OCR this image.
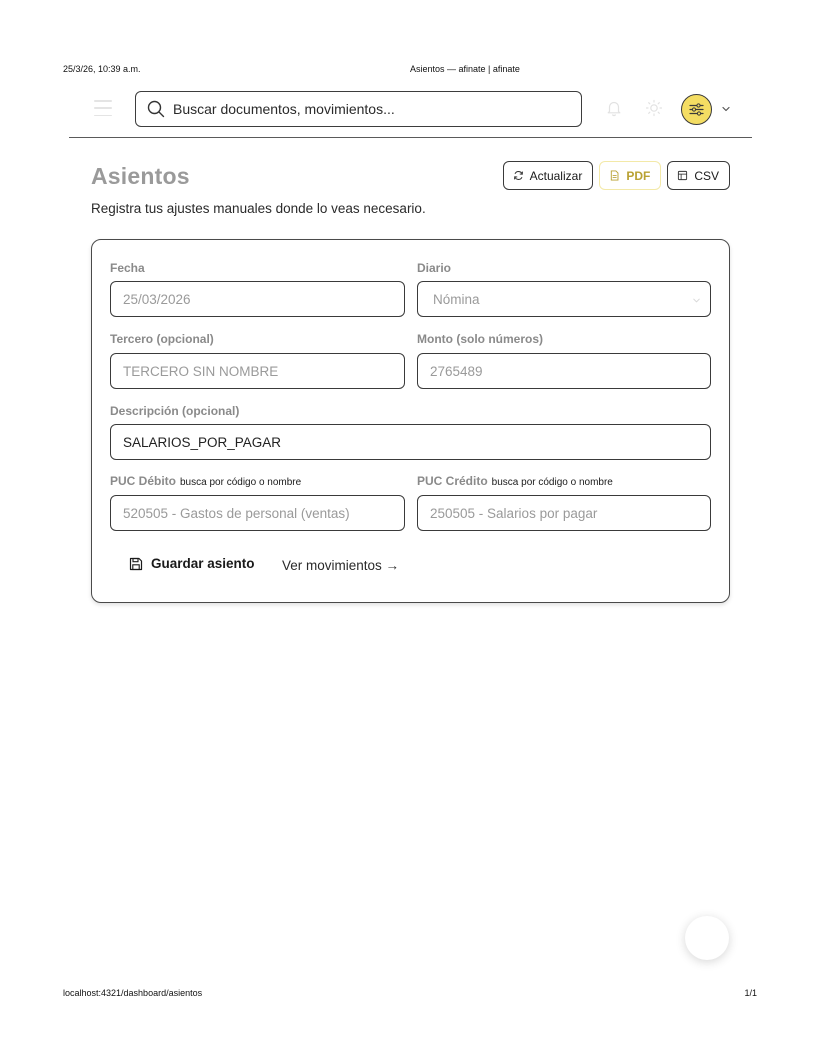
25/3/26, 10:39 a.m.	Asientos — afinate | afinate
Buscar documentos, movimientos...
Asientos

Registra tus ajustes manuales donde lo veas necesario.

Actualizar	PDF	CSV
Fecha
25/03/2026	Diario
Nómina
Tercero (opcional)
TERCERO SIN NOMBRE	Monto (solo números)
2765489
Descripción (opcional)
SALARIOS_POR_PAGAR
PUC Débito busca por código o nombre
520505 - Gastos de personal (ventas)	PUC Crédito busca por código o nombre
250505 - Salarios por pagar
Guardar asiento Ver movimientos →
localhost:4321/dashboard/asientos	1/1
